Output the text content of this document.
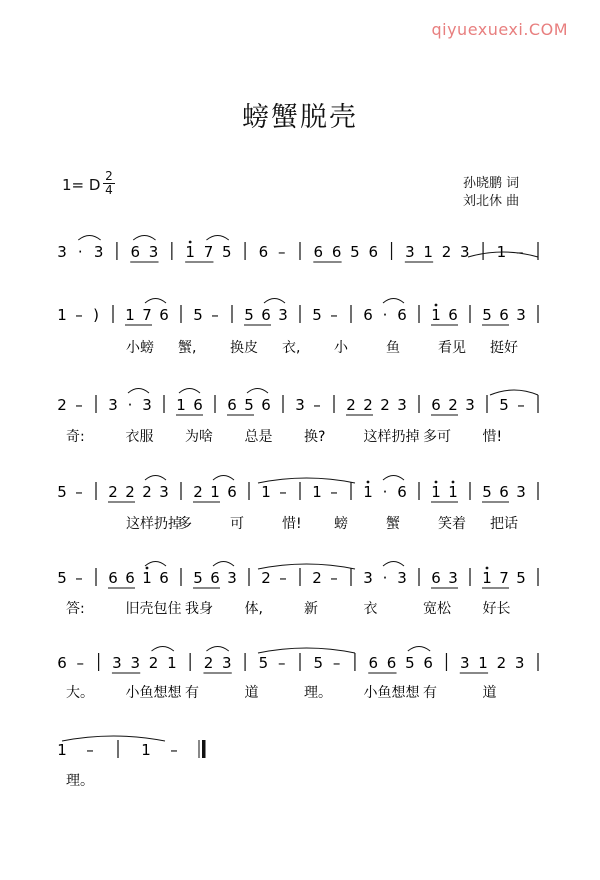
qiyuexuexi.COM
螃蟹脱壳
1= D 2
4	孙晓鹏 词
刘北休 曲
3 · 3 6 3 1 7 5 6 – 6 6 5 6 3 1 2 3 1 –
1 – ) 1 7 6 5 – 5 6 3 5 – 6 · 6 1 6 5 6 3
小螃 蟹, 换皮 衣, 小	鱼	看见 挺好
2 – 3 · 3 1 6 6 5 6 3 – 2 2 2 3 6 2 3 5 –
奇:	衣服 为啥 总是 换?	这样扔掉 多可 惜!
5 – 2 2 2 3 2 1 6 1 – 1 – 1 · 6 1 1 5 6 3
这样扔掉
多	可	惜! 螃	蟹	笑着 把话
5 – 6 6 1 6 5 6 3 2 – 2 – 3 · 3 6 3 1 7 5
答:	旧壳包住 我身 体,	新	衣	宽松 好长
6 – 3 3 2 1 2 3 5 – 5 – 6 6 5 6 3 1 2 3
大。 小鱼想想 有	道	理。 小鱼想想 有	道
1 –	1 –
理。
